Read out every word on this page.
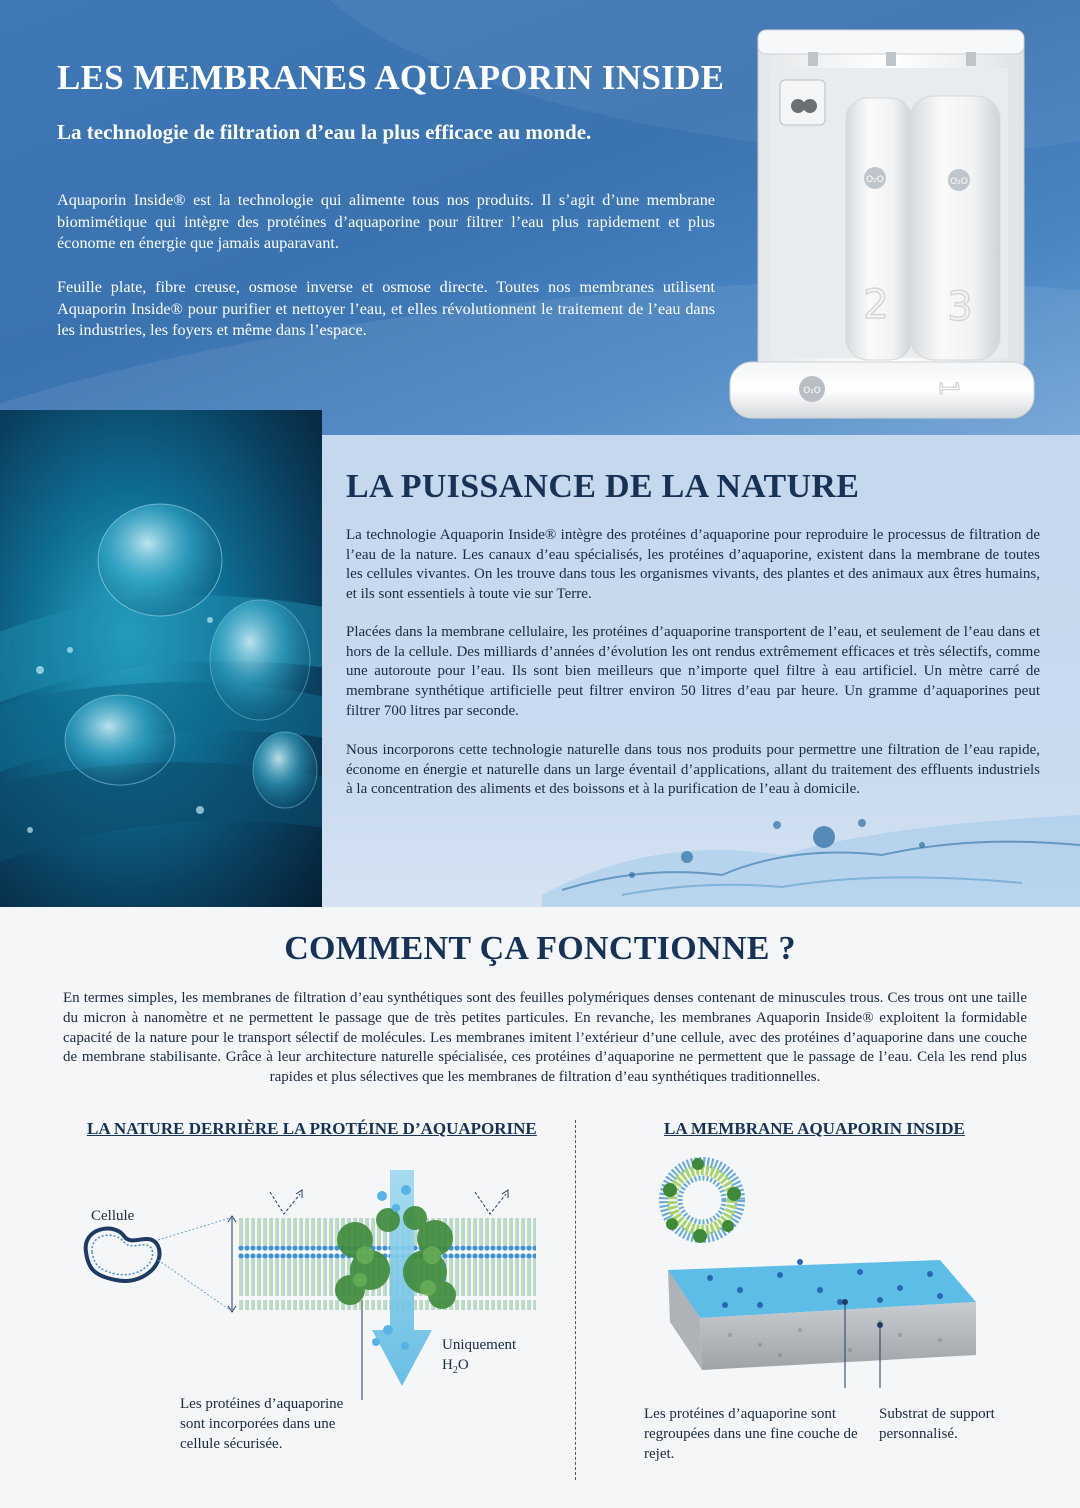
LES MEMBRANES AQUAPORIN INSIDE
La technologie de filtration d’eau la plus efficace au monde.

Aquaporin Inside® est la technologie qui alimente tous nos produits. Il s’agit d’une membrane biomimétique qui intègre des protéines d’aquaporine pour filtrer l’eau plus rapidement et plus économe en énergie que jamais auparavant.

Feuille plate, fibre creuse, osmose inverse et osmose directe. Toutes nos membranes utilisent Aquaporin Inside® pour purifier et nettoyer l’eau, et elles révolutionnent le traitement de l’eau dans les industries, les foyers et même dans l’espace.

O₂O	O₂O
2 3
O₂O	1
LA PUISSANCE DE LA NATURE

La technologie Aquaporin Inside® intègre des protéines d’aquaporine pour reproduire le processus de filtration de l’eau de la nature. Les canaux d’eau spécialisés, les protéines d’aquaporine, existent dans la membrane de toutes les cellules vivantes. On les trouve dans tous les organismes vivants, des plantes et des animaux aux êtres humains, et ils sont essentiels à toute vie sur Terre.

Placées dans la membrane cellulaire, les protéines d’aquaporine transportent de l’eau, et seulement de l’eau dans et hors de la cellule. Des milliards d’années d’évolution les ont rendus extrêmement efficaces et très sélectifs, comme une autoroute pour l’eau. Ils sont bien meilleurs que n’importe quel filtre à eau artificiel. Un mètre carré de membrane synthétique artificielle peut filtrer environ 50 litres d’eau par heure. Un gramme d’aquaporines peut filtrer 700 litres par seconde.

Nous incorporons cette technologie naturelle dans tous nos produits pour permettre une filtration de l’eau rapide, économe en énergie et naturelle dans un large éventail d’applications, allant du traitement des effluents industriels à la concentration des aliments et des boissons et à la purification de l’eau à domicile.

COMMENT ÇA FONCTIONNE ?

En termes simples, les membranes de filtration d’eau synthétiques sont des feuilles polymériques denses contenant de minuscules trous. Ces trous ont une taille du micron à nanomètre et ne permettent le passage que de très petites particules. En revanche, les membranes Aquaporin Inside® exploitent la formidable capacité de la nature pour le transport sélectif de molécules. Les membranes imitent l’extérieur d’une cellule, avec des protéines d’aquaporine dans une couche de membrane stabilisante. Grâce à leur architecture naturelle spécialisée, ces protéines d’aquaporine ne permettent que le passage de l’eau. Cela les rend plus rapides et plus sélectives que les membranes de filtration d’eau synthétiques traditionnelles.

LA NATURE DERRIÈRE LA PROTÉINE D’AQUAPORINE	LA MEMBRANE AQUAPORIN INSIDE
Cellule
Uniquement
$H_2O$

Les protéines d’aquaporine sont incorporées dans une cellule sécurisée.

Les protéines d’aquaporine sont regroupées dans une fine couche de rejet.

Substrat de support personnalisé.
